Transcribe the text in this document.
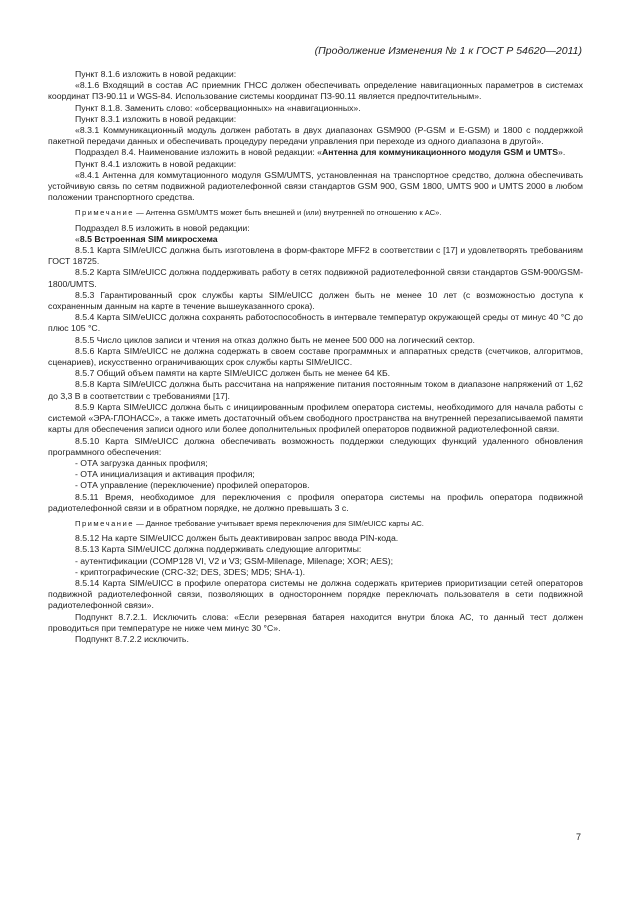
(Продолжение Изменения № 1 к ГОСТ Р 54620—2011)

Пункт 8.1.6 изложить в новой редакции:

«8.1.6 Входящий в состав АС приемник ГНСС должен обеспечивать определение навигационных параметров в системах координат ПЗ-90.11 и WGS-84. Использование системы координат ПЗ-90.11 является предпочтительным».

Пункт 8.1.8. Заменить слово: «обсервационных» на «навигационных».

Пункт 8.3.1 изложить в новой редакции:

«8.3.1 Коммуникационный модуль должен работать в двух диапазонах GSM900 (P-GSM и E-GSM) и 1800 с поддержкой пакетной передачи данных и обеспечивать процедуру передачи управления при переходе из одного диапазона в другой».

Подраздел 8.4. Наименование изложить в новой редакции: «Антенна для коммуникационного модуля GSM и UMTS».

Пункт 8.4.1 изложить в новой редакции:

«8.4.1 Антенна для коммутационного модуля GSM/UMTS, установленная на транспортное средство, должна обеспечивать устойчивую связь по сетям подвижной радиотелефонной связи стандартов GSM 900, GSM 1800, UMTS 900 и UMTS 2000 в любом положении транспортного средства.

Примечание — Антенна GSM/UMTS может быть внешней и (или) внутренней по отношению к АС».

Подраздел 8.5 изложить в новой редакции:

«8.5 Встроенная SIM микросхема

8.5.1 Карта SIM/eUICC должна быть изготовлена в форм-факторе MFF2 в соответствии с [17] и удовлетворять требованиям ГОСТ 18725.

8.5.2 Карта SIM/eUICC должна поддерживать работу в сетях подвижной радиотелефонной связи стандартов GSM-900/GSM-1800/UMTS.

8.5.3 Гарантированный срок службы карты SIM/eUICC должен быть не менее 10 лет (с возможностью доступа к сохраненным данным на карте в течение вышеуказанного срока).

8.5.4 Карта SIM/eUICC должна сохранять работоспособность в интервале температур окружающей среды от минус 40 °С до плюс 105 °С.

8.5.5 Число циклов записи и чтения на отказ должно быть не менее 500 000 на логический сектор.

8.5.6 Карта SIM/eUICC не должна содержать в своем составе программных и аппаратных средств (счетчиков, алгоритмов, сценариев), искусственно ограничивающих срок службы карты SIM/eUICC.

8.5.7 Общий объем памяти на карте SIM/eUICC должен быть не менее 64 КБ.

8.5.8 Карта SIM/eUICC должна быть рассчитана на напряжение питания постоянным током в диапазоне напряжений от 1,62 до 3,3 В в соответствии с требованиями [17].

8.5.9 Карта SIM/eUICC должна быть с инициированным профилем оператора системы, необходимого для начала работы с системой «ЭРА-ГЛОНАСС», а также иметь достаточный объем свободного пространства на внутренней перезаписываемой памяти карты для обеспечения записи одного или более дополнительных профилей операторов подвижной радиотелефонной связи.

8.5.10 Карта SIM/eUICC должна обеспечивать возможность поддержки следующих функций удаленного обновления программного обеспечения:

- ОТА загрузка данных профиля;

- ОТА инициализация и активация профиля;

- ОТА управление (переключение) профилей операторов.

8.5.11 Время, необходимое для переключения с профиля оператора системы на профиль оператора подвижной радиотелефонной связи и в обратном порядке, не должно превышать 3 с.

Примечание — Данное требование учитывает время переключения для SIM/eUICC карты АС.

8.5.12 На карте SIM/eUICC должен быть деактивирован запрос ввода PIN-кода.

8.5.13 Карта SIM/eUICC должна поддерживать следующие алгоритмы:

- аутентификации (COMP128 VI, V2 и V3; GSM-Milenage, Milenage; XOR; AES);

- криптографические (CRC-32; DES, 3DES; MD5; SHA-1).

8.5.14 Карта SIM/eUICC в профиле оператора системы не должна содержать критериев приоритизации сетей операторов подвижной радиотелефонной связи, позволяющих в одностороннем порядке переключать пользователя в сети подвижной радиотелефонной связи».

Подпункт 8.7.2.1. Исключить слова: «Если резервная батарея находится внутри блока АС, то данный тест должен проводиться при температуре не ниже чем минус 30 °С».

Подпункт 8.7.2.2 исключить.

7
